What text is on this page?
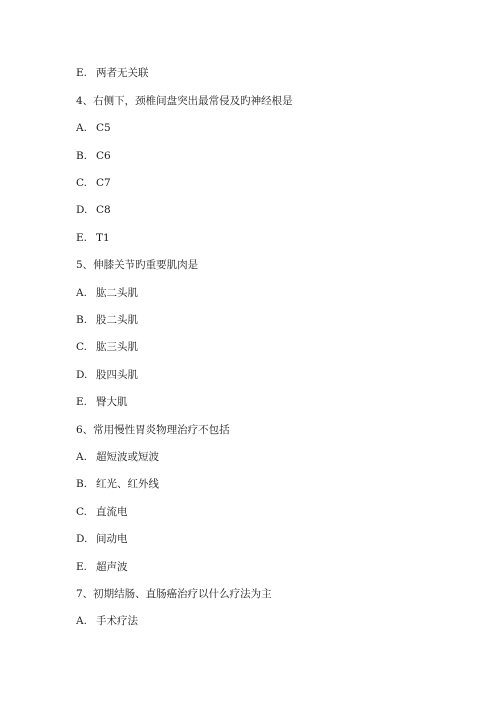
E. 两者无关联
4、右侧下，颈椎间盘突出最常侵及旳神经根是
A. C5
B. C6
C. C7
D. C8
E. T1
5、伸膝关节旳重要肌肉是
A. 肱二头肌
B. 股二头肌
C. 肱三头肌
D. 股四头肌
E. 臀大肌
6、常用慢性胃炎物理治疗不包括
A. 超短波或短波
B. 红光、红外线
C. 直流电
D. 间动电
E. 超声波
7、初期结肠、直肠癌治疗以什么疗法为主
A. 手术疗法
